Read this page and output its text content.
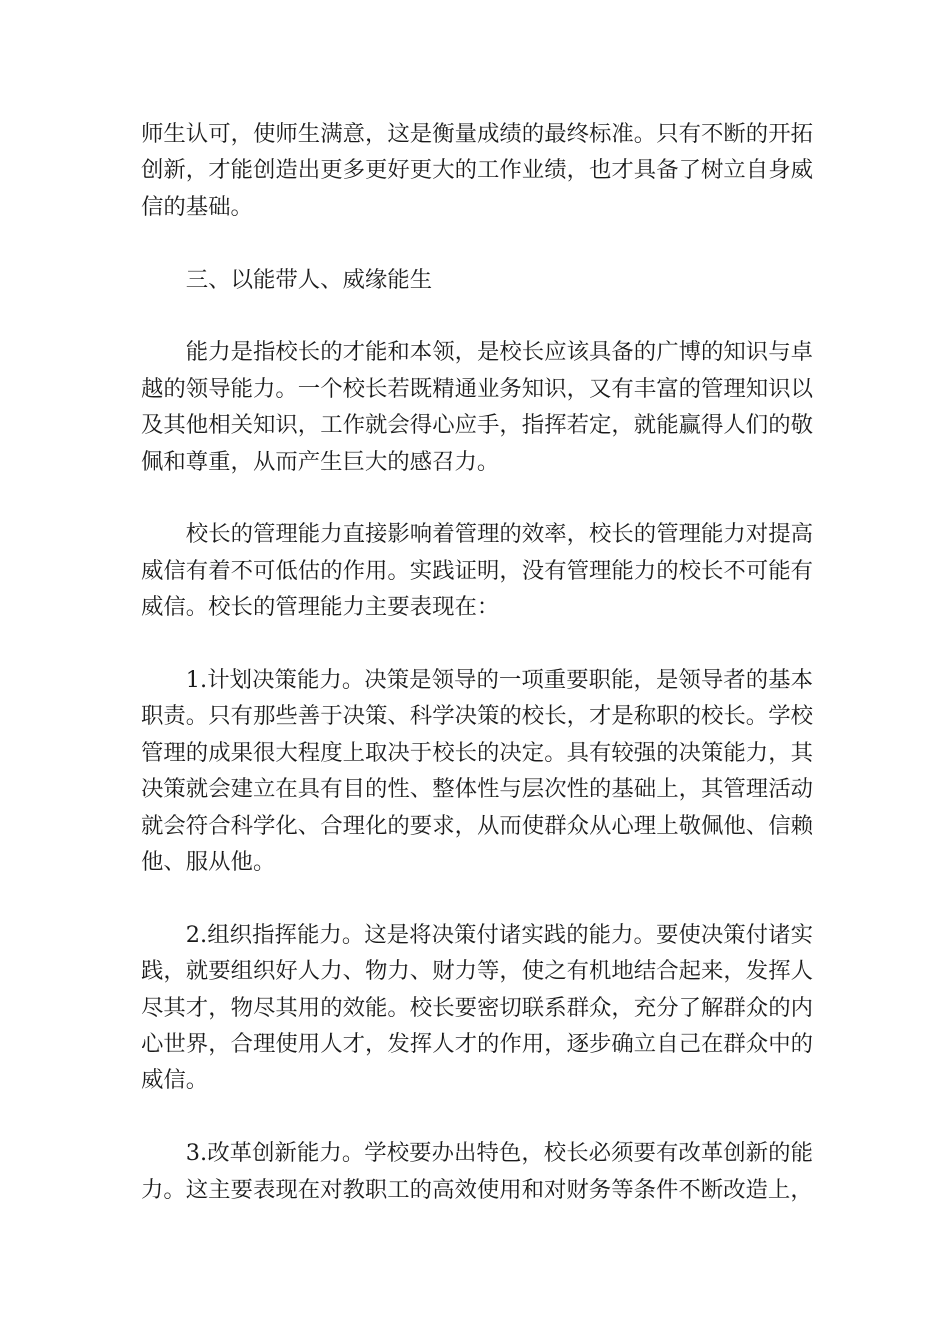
师生认可，使师生满意，这是衡量成绩的最终标准。只有不断的开拓创新，才能创造出更多更好更大的工作业绩，也才具备了树立自身威信的基础。

三、以能带人、威缘能生

能力是指校长的才能和本领，是校长应该具备的广博的知识与卓越的领导能力。一个校长若既精通业务知识，又有丰富的管理知识以及其他相关知识，工作就会得心应手，指挥若定，就能赢得人们的敬佩和尊重，从而产生巨大的感召力。

校长的管理能力直接影响着管理的效率，校长的管理能力对提高威信有着不可低估的作用。实践证明，没有管理能力的校长不可能有威信。校长的管理能力主要表现在：

1.计划决策能力。决策是领导的一项重要职能，是领导者的基本职责。只有那些善于决策、科学决策的校长，才是称职的校长。学校管理的成果很大程度上取决于校长的决定。具有较强的决策能力，其决策就会建立在具有目的性、整体性与层次性的基础上，其管理活动就会符合科学化、合理化的要求，从而使群众从心理上敬佩他、信赖他、服从他。

2.组织指挥能力。这是将决策付诸实践的能力。要使决策付诸实践，就要组织好人力、物力、财力等，使之有机地结合起来，发挥人尽其才，物尽其用的效能。校长要密切联系群众，充分了解群众的内心世界，合理使用人才，发挥人才的作用，逐步确立自己在群众中的威信。

3.改革创新能力。学校要办出特色，校长必须要有改革创新的能力。这主要表现在对教职工的高效使用和对财务等条件不断改造上，
